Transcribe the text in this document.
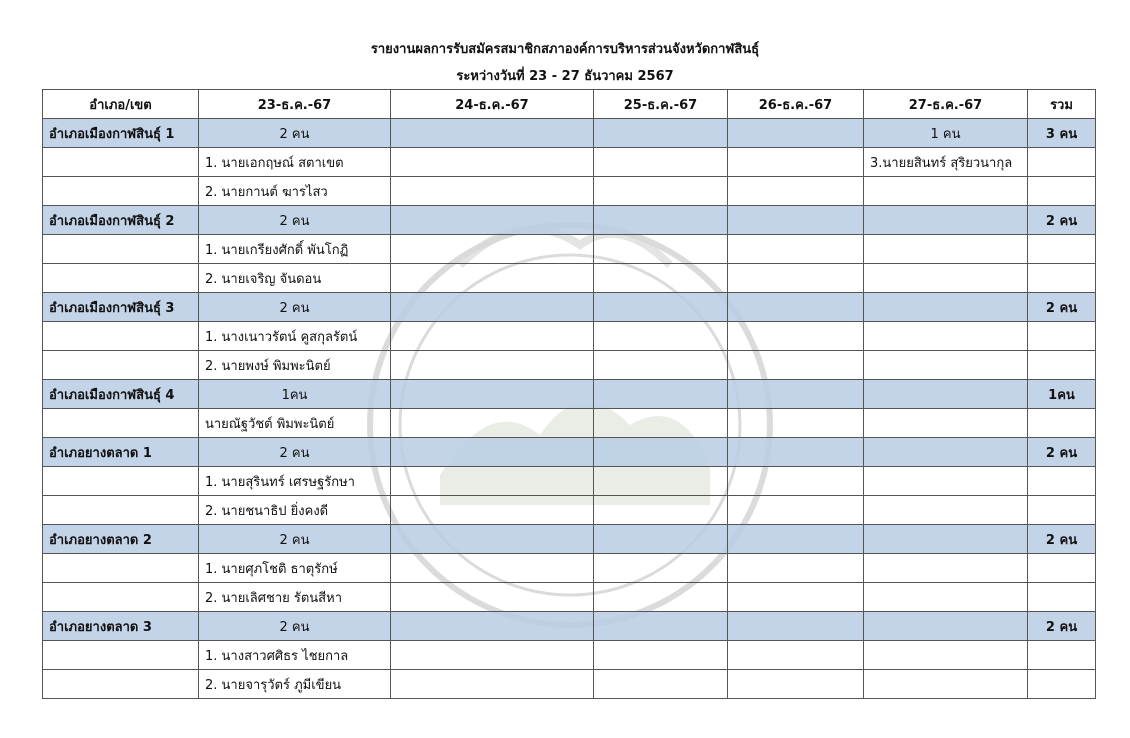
รายงานผลการรับสมัครสมาชิกสภาองค์การบริหารส่วนจังหวัดกาฬสินธุ์
ระหว่างวันที่ 23 - 27 ธันวาคม 2567
อำเภอ/เขต	23-ธ.ค.-67	24-ธ.ค.-67	25-ธ.ค.-67	26-ธ.ค.-67	27-ธ.ค.-67	รวม
อำเภอเมืองกาฬสินธุ์ 1	2 คน				1 คน	3 คน
	1. นายเอกฤษณ์ สตาเขต				3.นายยสินทร์ สุริยวนากุล	
	2. นายกานต์ ฆารไสว					
อำเภอเมืองกาฬสินธุ์ 2	2 คน					2 คน
	1. นายเกรียงศักดิ์ พันโกฏิ					
	2. นายเจริญ จันดอน					
อำเภอเมืองกาฬสินธุ์ 3	2 คน					2 คน
	1. นางเนาวรัตน์ คูสกุลรัตน์					
	2. นายพงษ์ พิมพะนิตย์					
อำเภอเมืองกาฬสินธุ์ 4	1คน					1คน
	นายณัฐวัชต์ พิมพะนิตย์					
อำเภอยางตลาด 1	2 คน					2 คน
	1. นายสุรินทร์ เศรษฐรักษา					
	2. นายชนาธิป ยิ่งคงดี					
อำเภอยางตลาด 2	2 คน					2 คน
	1. นายศุภโชติ ธาตุรักษ์					
	2. นายเลิศชาย รัตนสีหา					
อำเภอยางตลาด 3	2 คน					2 คน
	1. นางสาวศศิธร ไชยกาล					
	2. นายจารุวัตร์ ภูมีเขียน					
